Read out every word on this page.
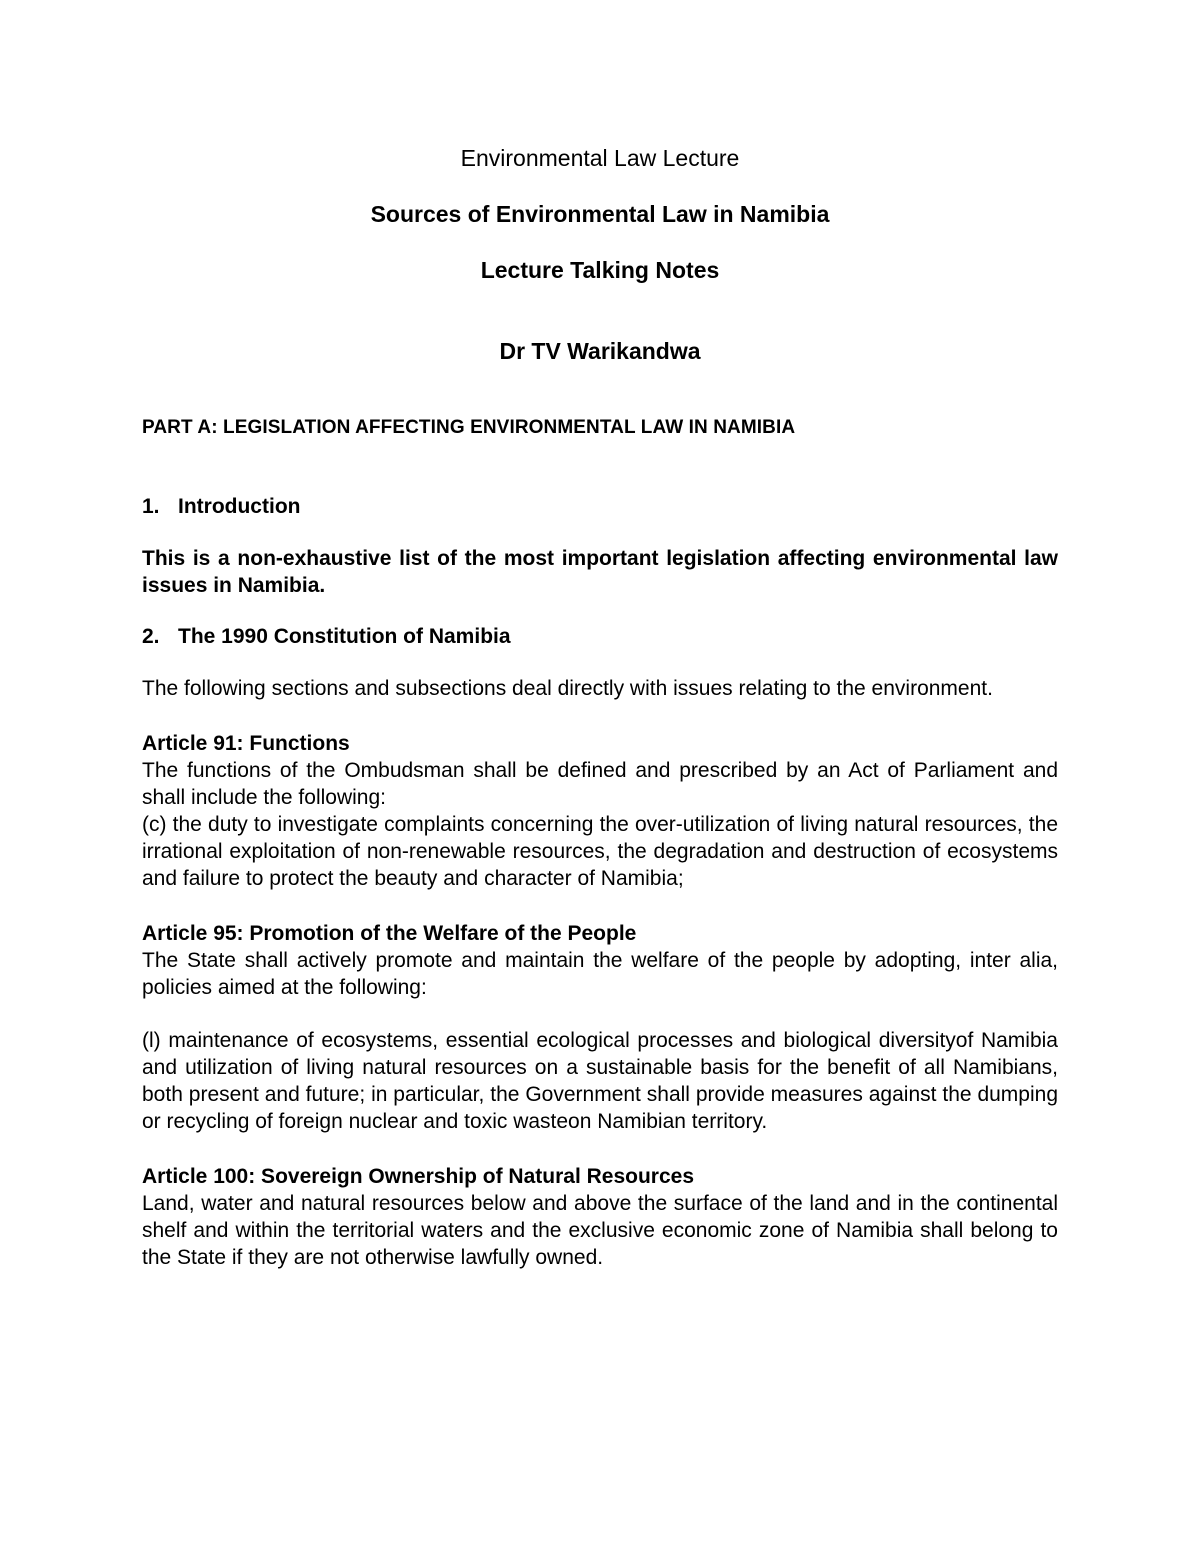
Environmental Law Lecture

Sources of Environmental Law in Namibia

Lecture Talking Notes

Dr TV Warikandwa

PART A: LEGISLATION AFFECTING ENVIRONMENTAL LAW IN NAMIBIA

1. Introduction

This is a non-exhaustive list of the most important legislation affecting environmental law issues in Namibia.

2. The 1990 Constitution of Namibia

The following sections and subsections deal directly with issues relating to the environment.

Article 91: Functions

The functions of the Ombudsman shall be defined and prescribed by an Act of Parliament and shall include the following:

(c) the duty to investigate complaints concerning the over-utilization of living natural resources, the irrational exploitation of non-renewable resources, the degradation and destruction of ecosystems and failure to protect the beauty and character of Namibia;

Article 95: Promotion of the Welfare of the People

The State shall actively promote and maintain the welfare of the people by adopting, inter alia, policies aimed at the following:

(l) maintenance of ecosystems, essential ecological processes and biological diversityof Namibia and utilization of living natural resources on a sustainable basis for the benefit of all Namibians, both present and future; in particular, the Government shall provide measures against the dumping or recycling of foreign nuclear and toxic wasteon Namibian territory.

Article 100: Sovereign Ownership of Natural Resources

Land, water and natural resources below and above the surface of the land and in the continental shelf and within the territorial waters and the exclusive economic zone of Namibia shall belong to the State if they are not otherwise lawfully owned.
